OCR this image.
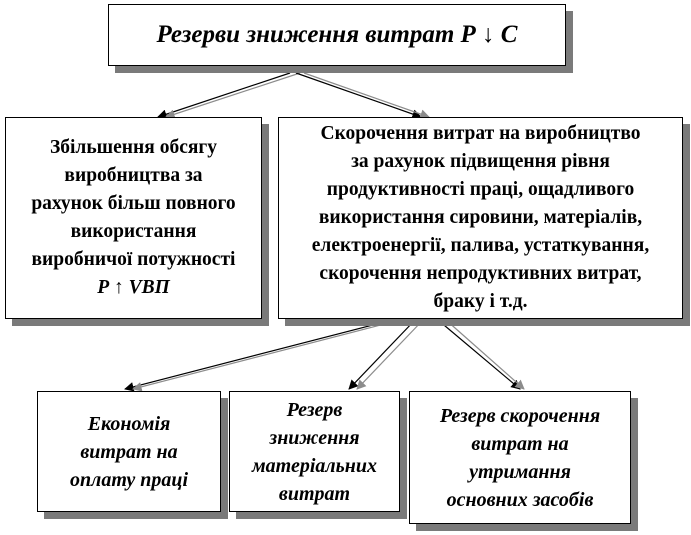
Резерви зниження витрат Р ↓ С
Збільшення обсягу
виробництва за
рахунок більш повного
використання
виробничої потужності
Р ↑ VВП
Скорочення витрат на виробництво
за рахунок підвищення рівня
продуктивності праці, ощадливого
використання сировини, матеріалів,
електроенергії, палива, устаткування,
скорочення непродуктивних витрат,
браку і т.д.
Економія
витрат на
оплату праці
Резерв
зниження
матеріальних
витрат
Резерв скорочення
витрат на
утримання
основних засобів
